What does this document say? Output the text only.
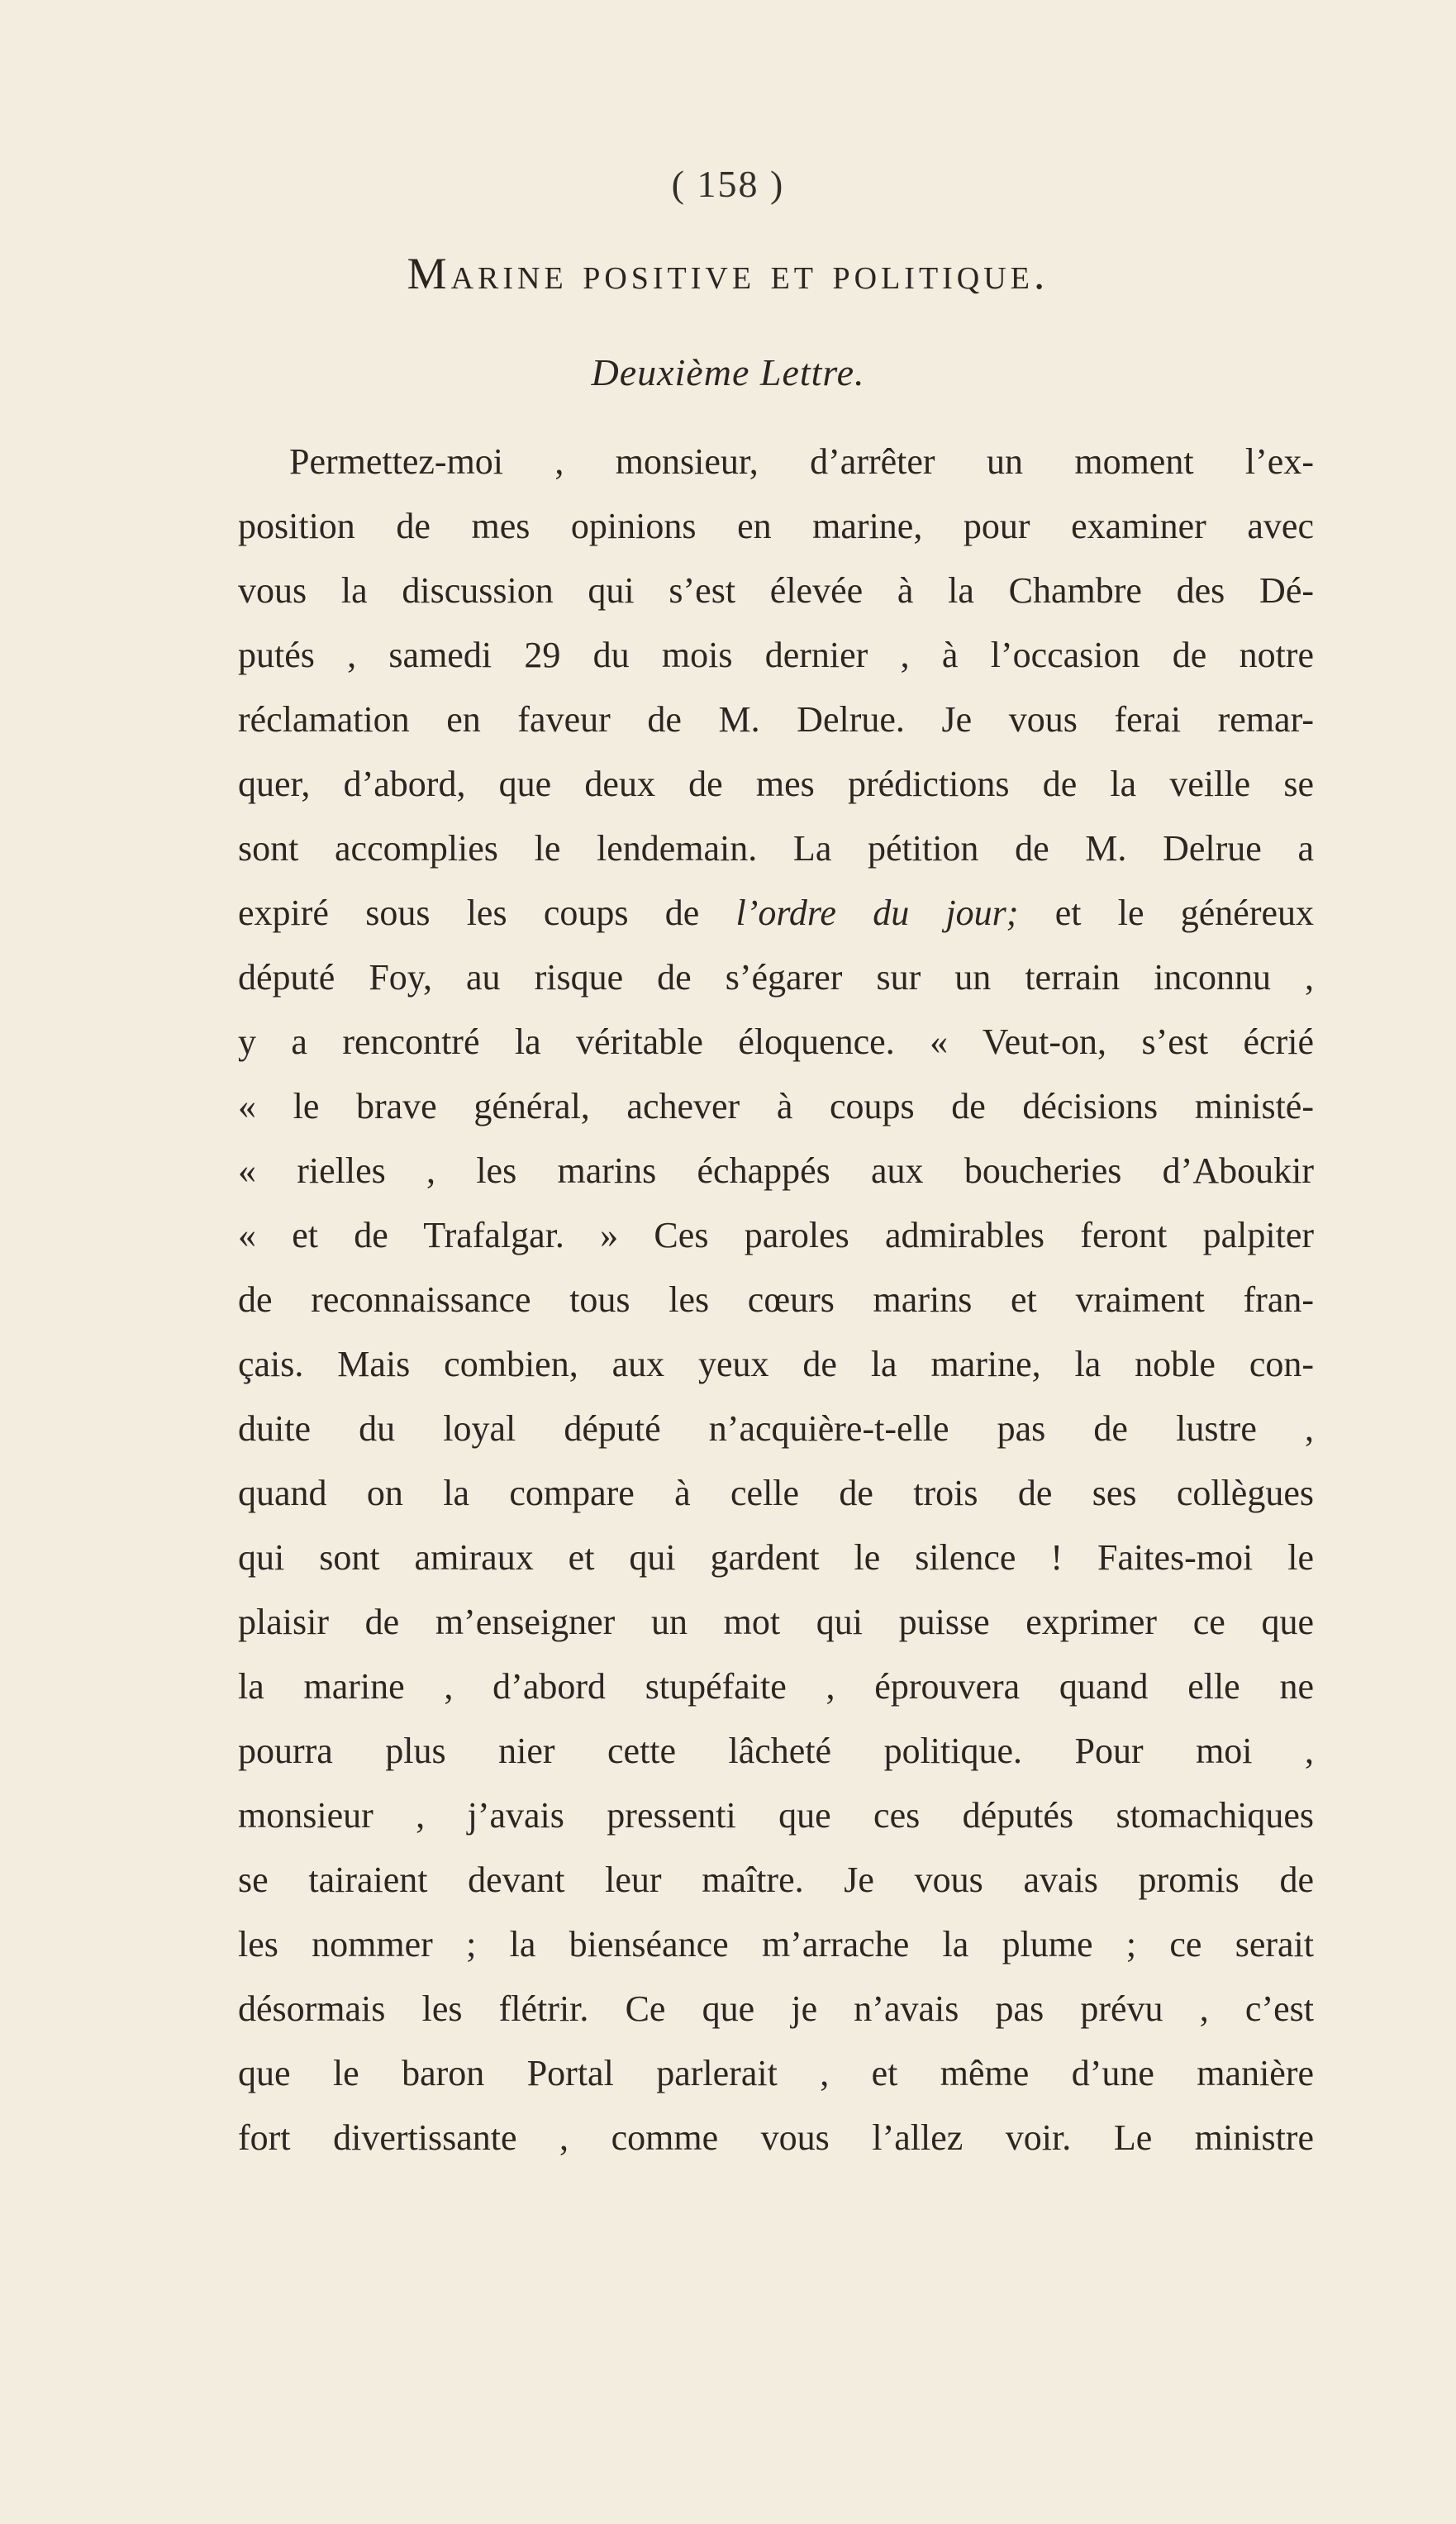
( 158 )
Marine positive et politique.
Deuxième Lettre.
Permettez-moi , monsieur, d’arrêter un moment l’ex-
position de mes opinions en marine, pour examiner avec
vous la discussion qui s’est élevée à la Chambre des Dé-
putés , samedi 29 du mois dernier , à l’occasion de notre
réclamation en faveur de M. Delrue. Je vous ferai remar-
quer, d’abord, que deux de mes prédictions de la veille se
sont accomplies le lendemain. La pétition de M. Delrue a
expiré sous les coups de l’ordre du jour; et le généreux
député Foy, au risque de s’égarer sur un terrain inconnu ,
y a rencontré la véritable éloquence. « Veut-on, s’est écrié
« le brave général, achever à coups de décisions ministé-
« rielles , les marins échappés aux boucheries d’Aboukir
« et de Trafalgar. » Ces paroles admirables feront palpiter
de reconnaissance tous les cœurs marins et vraiment fran-
çais. Mais combien, aux yeux de la marine, la noble con-
duite du loyal député n’acquière-t-elle pas de lustre ,
quand on la compare à celle de trois de ses collègues
qui sont amiraux et qui gardent le silence ! Faites-moi le
plaisir de m’enseigner un mot qui puisse exprimer ce que
la marine , d’abord stupéfaite , éprouvera quand elle ne
pourra plus nier cette lâcheté politique. Pour moi ,
monsieur , j’avais pressenti que ces députés stomachiques
se tairaient devant leur maître. Je vous avais promis de
les nommer ; la bienséance m’arrache la plume ; ce serait
désormais les flétrir. Ce que je n’avais pas prévu , c’est
que le baron Portal parlerait , et même d’une manière
fort divertissante , comme vous l’allez voir. Le ministre
